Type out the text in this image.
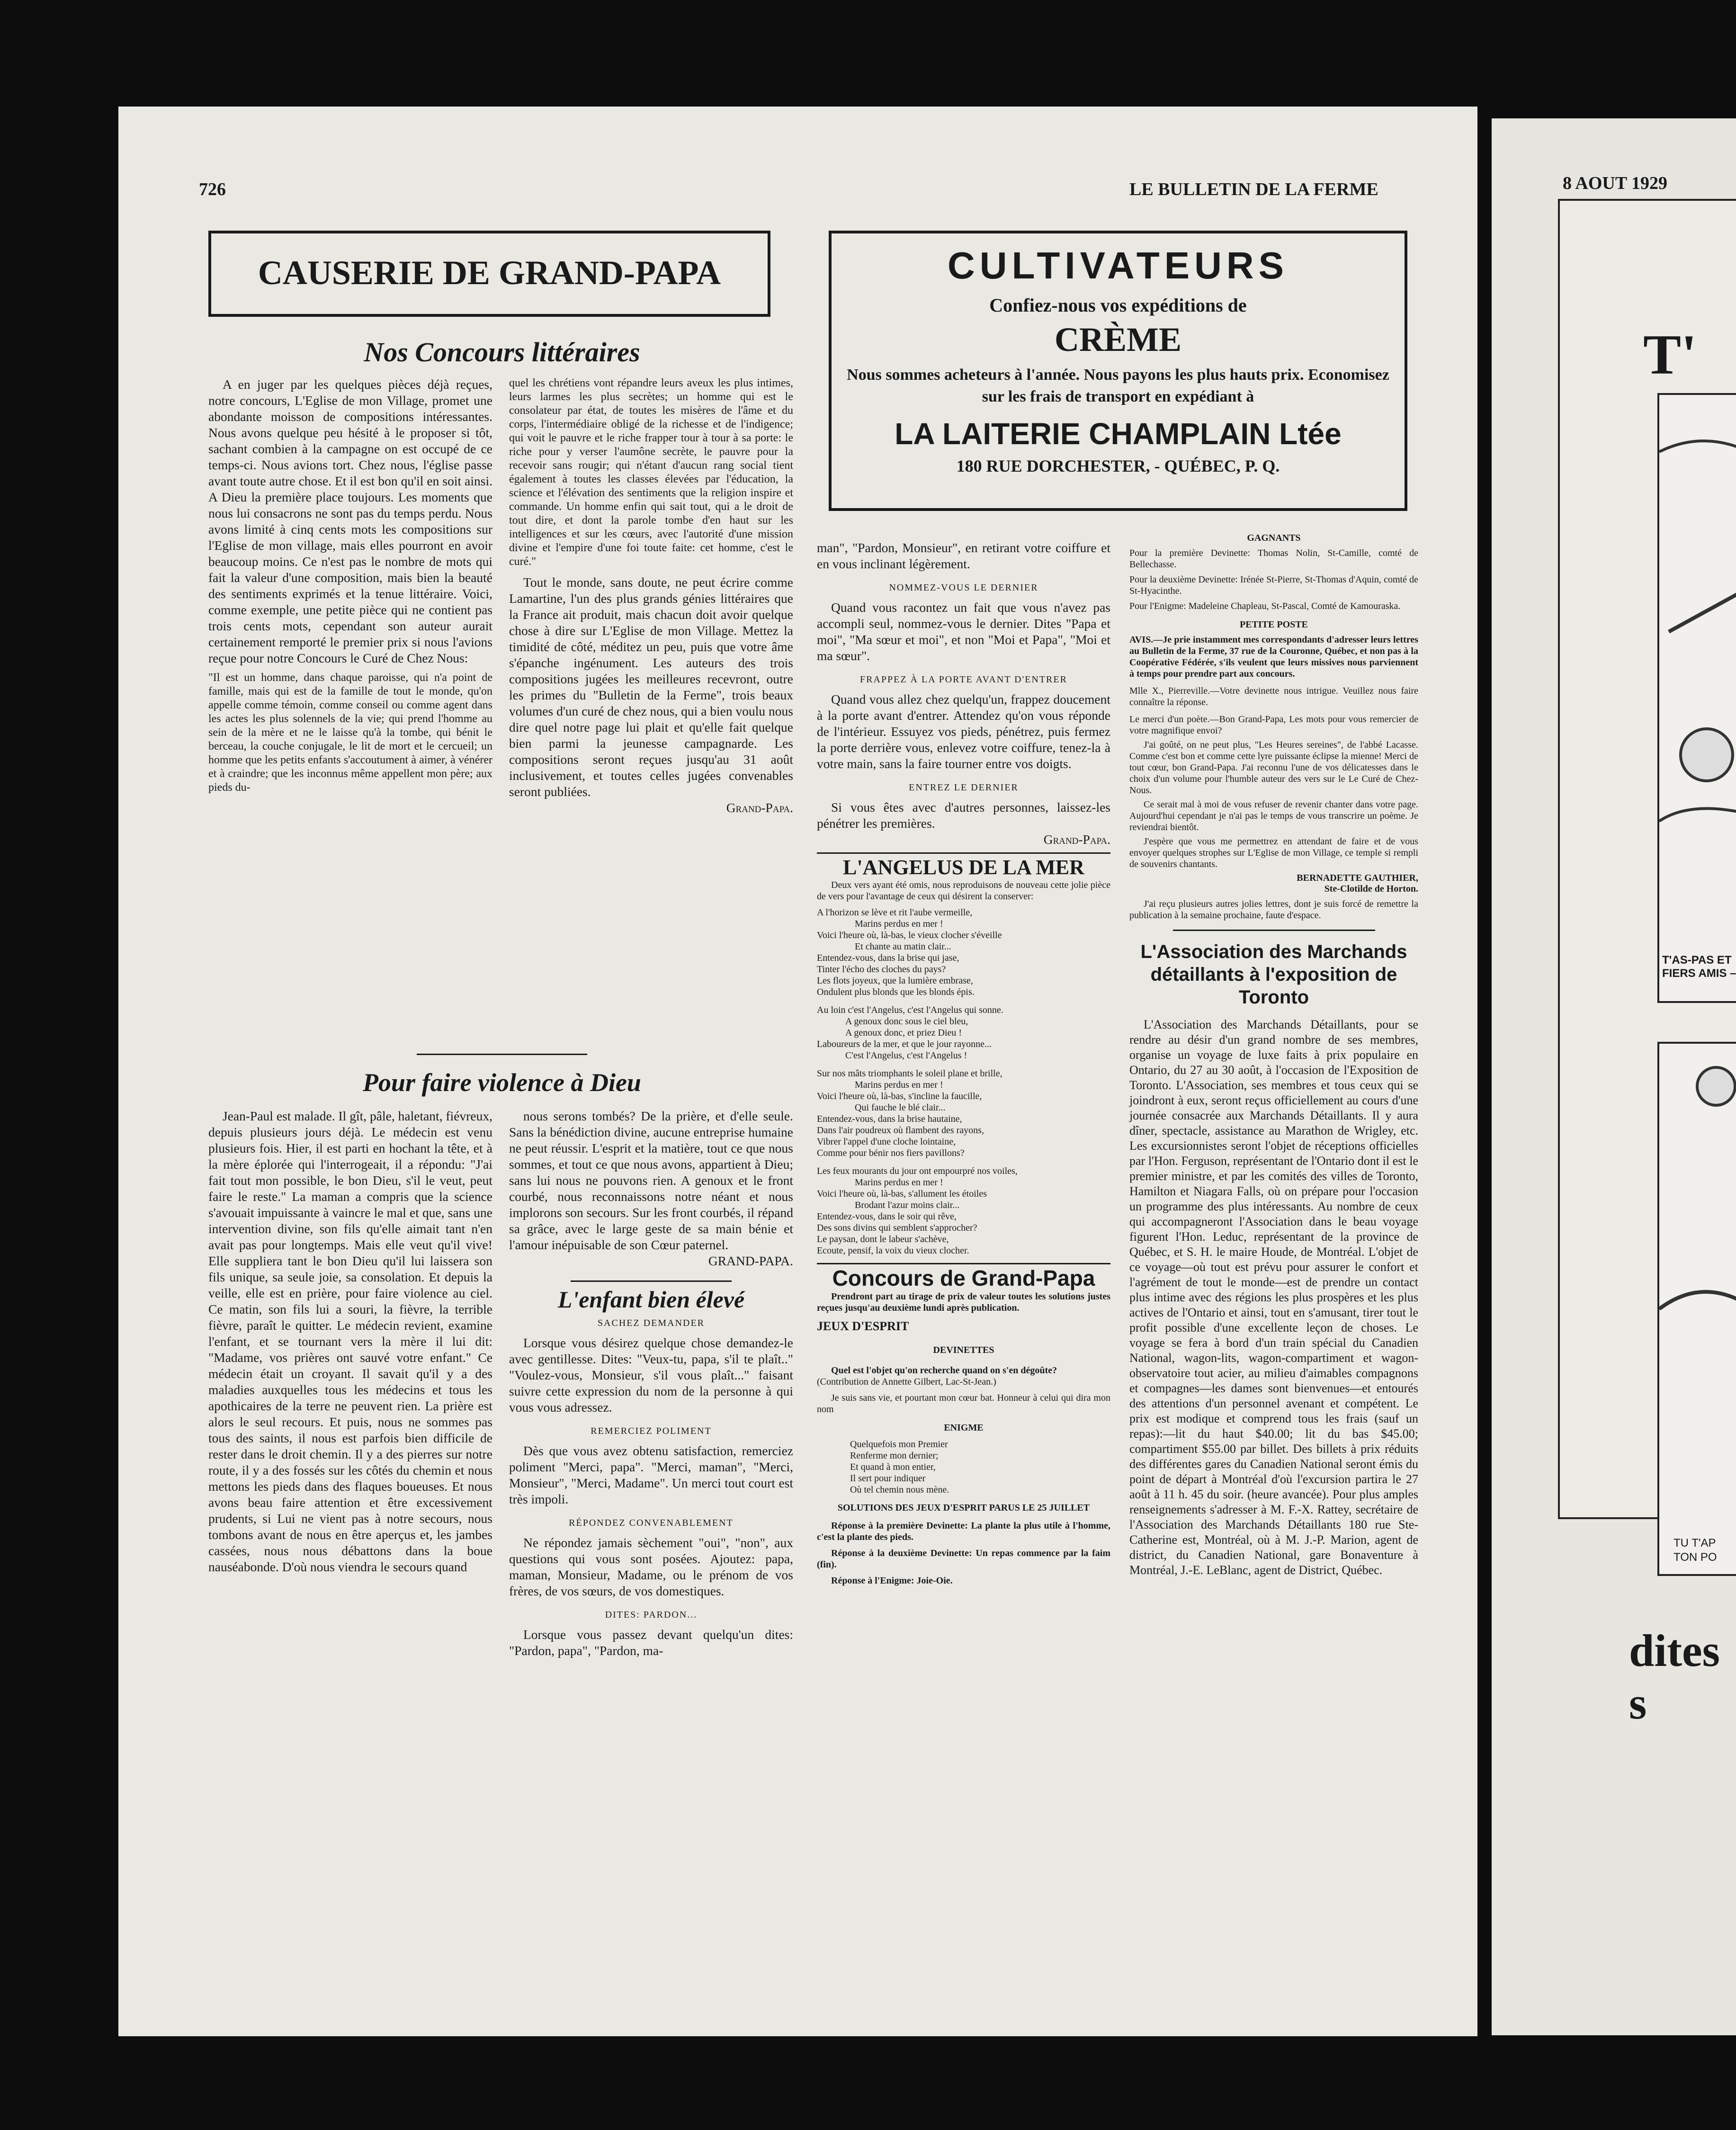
726	LE BULLETIN DE LA FERME	8 AOUT 1929
CAUSERIE DE GRAND-PAPA	CULTIVATEURS
Confiez-nous vos expéditions de
CRÈME
Nous sommes acheteurs à l'année. Nous payons les plus hauts prix. Economisez sur les frais de transport en expédiant à
LA LAITERIE CHAMPLAIN Ltée
180 RUE DORCHESTER, - QUÉBEC, P. Q.
Nos Concours littéraires

A en juger par les quelques pièces déjà reçues, notre concours, L'Eglise de mon Village, promet une abondante moisson de compositions intéressantes. Nous avons quelque peu hésité à le proposer si tôt, sachant combien à la campagne on est occupé de ce temps-ci. Nous avions tort. Chez nous, l'église passe avant toute autre chose. Et il est bon qu'il en soit ainsi. A Dieu la première place toujours. Les moments que nous lui consacrons ne sont pas du temps perdu. Nous avons limité à cinq cents mots les compositions sur l'Eglise de mon village, mais elles pourront en avoir beaucoup moins. Ce n'est pas le nombre de mots qui fait la valeur d'une composition, mais bien la beauté des sentiments exprimés et la tenue littéraire. Voici, comme exemple, une petite pièce qui ne contient pas trois cents mots, cependant son auteur aurait certainement remporté le premier prix si nous l'avions reçue pour notre Concours le Curé de Chez Nous:

"Il est un homme, dans chaque paroisse, qui n'a point de famille, mais qui est de la famille de tout le monde, qu'on appelle comme témoin, comme conseil ou comme agent dans les actes les plus solennels de la vie; qui prend l'homme au sein de la mère et ne le laisse qu'à la tombe, qui bénit le berceau, la couche conjugale, le lit de mort et le cercueil; un homme que les petits enfants s'accoutument à aimer, à vénérer et à craindre; que les inconnus même appellent mon père; aux pieds du-
quel les chrétiens vont répandre leurs aveux les plus intimes, leurs larmes les plus secrètes; un homme qui est le consolateur par état, de toutes les misères de l'âme et du corps, l'intermédiaire obligé de la richesse et de l'indigence; qui voit le pauvre et le riche frapper tour à tour à sa porte: le riche pour y verser l'aumône secrète, le pauvre pour la recevoir sans rougir; qui n'étant d'aucun rang social tient également à toutes les classes élevées par l'éducation, la science et l'élévation des sentiments que la religion inspire et commande. Un homme enfin qui sait tout, qui a le droit de tout dire, et dont la parole tombe d'en haut sur les intelligences et sur les cœurs, avec l'autorité d'une mission divine et l'empire d'une foi toute faite: cet homme, c'est le curé."

Tout le monde, sans doute, ne peut écrire comme Lamartine, l'un des plus grands génies littéraires que la France ait produit, mais chacun doit avoir quelque chose à dire sur L'Eglise de mon Village. Mettez la timidité de côté, méditez un peu, puis que votre âme s'épanche ingénument. Les auteurs des trois compositions jugées les meilleures recevront, outre les primes du "Bulletin de la Ferme", trois beaux volumes d'un curé de chez nous, qui a bien voulu nous dire quel notre page lui plait et qu'elle fait quelque bien parmi la jeunesse campagnarde. Les compositions seront reçues jusqu'au 31 août inclusivement, et toutes celles jugées convenables seront publiées.

Grand-Papa.
Pour faire violence à Dieu

Jean-Paul est malade. Il gît, pâle, haletant, fiévreux, depuis plusieurs jours déjà. Le médecin est venu plusieurs fois. Hier, il est parti en hochant la tête, et à la mère éplorée qui l'interrogeait, il a répondu: "J'ai fait tout mon possible, le bon Dieu, s'il le veut, peut faire le reste." La maman a compris que la science s'avouait impuissante à vaincre le mal et que, sans une intervention divine, son fils qu'elle aimait tant n'en avait pas pour longtemps. Mais elle veut qu'il vive! Elle suppliera tant le bon Dieu qu'il lui laissera son fils unique, sa seule joie, sa consolation. Et depuis la veille, elle est en prière, pour faire violence au ciel. Ce matin, son fils lui a souri, la fièvre, la terrible fièvre, paraît le quitter. Le médecin revient, examine l'enfant, et se tournant vers la mère il lui dit: "Madame, vos prières ont sauvé votre enfant." Ce médecin était un croyant. Il savait qu'il y a des maladies auxquelles tous les médecins et tous les apothicaires de la terre ne peuvent rien. La prière est alors le seul recours. Et puis, nous ne sommes pas tous des saints, il nous est parfois bien difficile de rester dans le droit chemin. Il y a des pierres sur notre route, il y a des fossés sur les côtés du chemin et nous mettons les pieds dans des flaques boueuses. Et nous avons beau faire attention et être excessivement prudents, si Lui ne vient pas à notre secours, nous tombons avant de nous en être aperçus et, les jambes cassées, nous nous débattons dans la boue nauséabonde. D'où nous viendra le secours quand

nous serons tombés? De la prière, et d'elle seule. Sans la bénédiction divine, aucune entreprise humaine ne peut réussir. L'esprit et la matière, tout ce que nous sommes, et tout ce que nous avons, appartient à Dieu; sans lui nous ne pouvons rien. A genoux et le front courbé, nous reconnaissons notre néant et nous implorons son secours. Sur les front courbés, il répand sa grâce, avec le large geste de sa main bénie et l'amour inépuisable de son Cœur paternel.

GRAND-PAPA.
L'enfant bien élevé
SACHEZ DEMANDER

Lorsque vous désirez quelque chose demandez-le avec gentillesse. Dites: "Veux-tu, papa, s'il te plaît.." "Voulez-vous, Monsieur, s'il vous plaît..." faisant suivre cette expression du nom de la personne à qui vous vous adressez.

REMERCIEZ POLIMENT

Dès que vous avez obtenu satisfaction, remerciez poliment "Merci, papa". "Merci, maman", "Merci, Monsieur", "Merci, Madame". Un merci tout court est très impoli.

RÉPONDEZ CONVENABLEMENT

Ne répondez jamais sèchement "oui", "non", aux questions qui vous sont posées. Ajoutez: papa, maman, Monsieur, Madame, ou le prénom de vos frères, de vos sœurs, de vos domestiques.

DITES: PARDON...

Lorsque vous passez devant quelqu'un dites: "Pardon, papa", "Pardon, ma-

man", "Pardon, Monsieur", en retirant votre coiffure et en vous inclinant légèrement.

NOMMEZ-VOUS LE DERNIER

Quand vous racontez un fait que vous n'avez pas accompli seul, nommez-vous le dernier. Dites "Papa et moi", "Ma sœur et moi", et non "Moi et Papa", "Moi et ma sœur".

FRAPPEZ À LA PORTE AVANT D'ENTRER

Quand vous allez chez quelqu'un, frappez doucement à la porte avant d'entrer. Attendez qu'on vous réponde de l'intérieur. Essuyez vos pieds, pénétrez, puis fermez la porte derrière vous, enlevez votre coiffure, tenez-la à votre main, sans la faire tourner entre vos doigts.

ENTREZ LE DERNIER

Si vous êtes avec d'autres personnes, laissez-les pénétrer les premières.

Grand-Papa.
L'ANGELUS DE LA MER
Deux vers ayant été omis, nous reproduisons de nouveau cette jolie pièce de vers pour l'avantage de ceux qui désirent la conserver:
A l'horizon se lève et rit l'aube vermeille,
Marins perdus en mer !
Voici l'heure où, là-bas, le vieux clocher s'éveille
Et chante au matin clair...
Entendez-vous, dans la brise qui jase,
Tinter l'écho des cloches du pays?
Les flots joyeux, que la lumière embrase,
Ondulent plus blonds que les blonds épis.
Au loin c'est l'Angelus, c'est l'Angelus qui sonne.
A genoux donc sous le ciel bleu,
A genoux donc, et priez Dieu !
Laboureurs de la mer, et que le jour rayonne...
C'est l'Angelus, c'est l'Angelus !
Sur nos mâts triomphants le soleil plane et brille,
Marins perdus en mer !
Voici l'heure où, là-bas, s'incline la faucille,
Qui fauche le blé clair...
Entendez-vous, dans la brise hautaine,
Dans l'air poudreux où flambent des rayons,
Vibrer l'appel d'une cloche lointaine,
Comme pour bénir nos fiers pavillons?
Les feux mourants du jour ont empourpré nos voiles,
Marins perdus en mer !
Voici l'heure où, là-bas, s'allument les étoiles
Brodant l'azur moins clair...
Entendez-vous, dans le soir qui rêve,
Des sons divins qui semblent s'approcher?
Le paysan, dont le labeur s'achève,
Ecoute, pensif, la voix du vieux clocher.
Concours de Grand-Papa
Prendront part au tirage de prix de valeur toutes les solutions justes reçues jusqu'au deuxième lundi après publication.
JEUX D'ESPRIT
DEVINETTES
Quel est l'objet qu'on recherche quand on s'en dégoûte?
(Contribution de Annette Gilbert, Lac-St-Jean.)
Je suis sans vie, et pourtant mon cœur bat. Honneur à celui qui dira mon nom
ENIGME
Quelquefois mon Premier
Renferme mon dernier;
Et quand à mon entier,
Il sert pour indiquer
Où tel chemin nous mène.
SOLUTIONS DES JEUX D'ESPRIT PARUS LE 25 JUILLET
Réponse à la première Devinette: La plante la plus utile à l'homme, c'est la plante des pieds.
Réponse à la deuxième Devinette: Un repas commence par la faim (fin).
Réponse à l'Enigme: Joie-Oie.
GAGNANTS
Pour la première Devinette: Thomas Nolin, St-Camille, comté de Bellechasse.
Pour la deuxième Devinette: Irénée St-Pierre, St-Thomas d'Aquin, comté de St-Hyacinthe.
Pour l'Enigme: Madeleine Chapleau, St-Pascal, Comté de Kamouraska.
PETITE POSTE
AVIS.—Je prie instamment mes correspondants d'adresser leurs lettres au Bulletin de la Ferme, 37 rue de la Couronne, Québec, et non pas à la Coopérative Fédérée, s'ils veulent que leurs missives nous parviennent à temps pour prendre part aux concours.
Mlle X., Pierreville.—Votre devinette nous intrigue. Veuillez nous faire connaître la réponse.
Le merci d'un poète.—Bon Grand-Papa, Les mots pour vous remercier de votre magnifique envoi?
J'ai goûté, on ne peut plus, "Les Heures sereines", de l'abbé Lacasse. Comme c'est bon et comme cette lyre puissante éclipse la mienne! Merci de tout cœur, bon Grand-Papa. J'ai reconnu l'une de vos délicatesses dans le choix d'un volume pour l'humble auteur des vers sur le Le Curé de Chez-Nous.
Ce serait mal à moi de vous refuser de revenir chanter dans votre page. Aujourd'hui cependant je n'ai pas le temps de vous transcrire un poème. Je reviendrai bientôt.
J'espère que vous me permettrez en attendant de faire et de vous envoyer quelques strophes sur L'Eglise de mon Village, ce temple si rempli de souvenirs chantants.
BERNADETTE GAUTHIER,
Ste-Clotilde de Horton.
J'ai reçu plusieurs autres jolies lettres, dont je suis forcé de remettre la publication à la semaine prochaine, faute d'espace.
L'Association des Marchands détaillants à l'exposition de Toronto
L'Association des Marchands Détaillants, pour se rendre au désir d'un grand nombre de ses membres, organise un voyage de luxe faits à prix populaire en Ontario, du 27 au 30 août, à l'occasion de l'Exposition de Toronto. L'Association, ses membres et tous ceux qui se joindront à eux, seront reçus officiellement au cours d'une journée consacrée aux Marchands Détaillants. Il y aura dîner, spectacle, assistance au Marathon de Wrigley, etc. Les excursionnistes seront l'objet de réceptions officielles par l'Hon. Ferguson, représentant de l'Ontario dont il est le premier ministre, et par les comités des villes de Toronto, Hamilton et Niagara Falls, où on prépare pour l'occasion un programme des plus intéressants. Au nombre de ceux qui accompagneront l'Association dans le beau voyage figurent l'Hon. Leduc, représentant de la province de Québec, et S. H. le maire Houde, de Montréal. L'objet de ce voyage—où tout est prévu pour assurer le confort et l'agrément de tout le monde—est de prendre un contact plus intime avec des régions les plus prospères et les plus actives de l'Ontario et ainsi, tout en s'amusant, tirer tout le profit possible d'une excellente leçon de choses. Le voyage se fera à bord d'un train spécial du Canadien National, wagon-lits, wagon-compartiment et wagon-observatoire tout acier, au milieu d'aimables compagnons et compagnes—les dames sont bienvenues—et entourés des attentions d'un personnel avenant et compétent. Le prix est modique et comprend tous les frais (sauf un repas):—lit du haut $40.00; lit du bas $45.00; compartiment $55.00 par billet. Des billets à prix réduits des différentes gares du Canadien National seront émis du point de départ à Montréal d'où l'excursion partira le 27 août à 11 h. 45 du soir. (heure avancée). Pour plus amples renseignements s'adresser à M. F.-X. Rattey, secrétaire de l'Association des Marchands Détaillants 180 rue Ste-Catherine est, Montréal, où à M. J.-P. Marion, agent de district, du Canadien National, gare Bonaventure à Montréal, J.-E. LeBlanc, agent de District, Québec.
T'
T'AS-PAS ET FIERS AMIS –
TU T'AP TON PO
dites s
